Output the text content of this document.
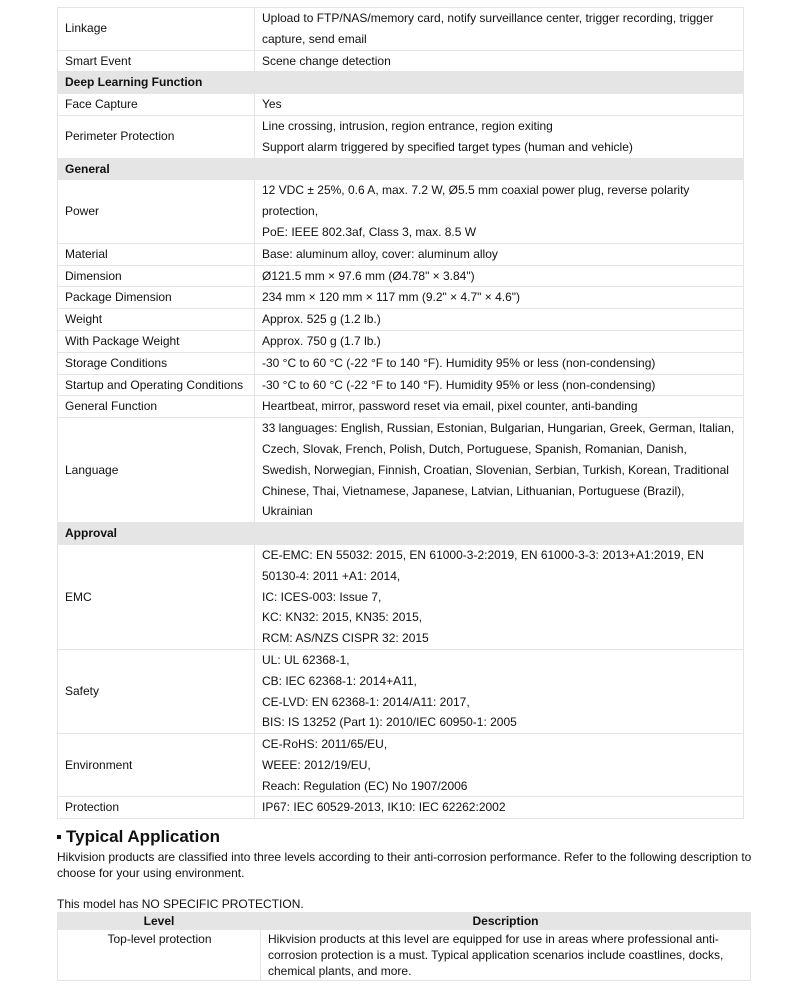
Linkage	Upload to FTP/NAS/memory card, notify surveillance center, trigger recording, trigger capture, send email

Smart Event	Scene change detection

Deep Learning Function	
Face Capture	Yes

Perimeter Protection	Line crossing, intrusion, region entrance, region exiting
Support alarm triggered by specified target types (human and vehicle)

General	
Power	12 VDC ± 25%, 0.6 A, max. 7.2 W, Ø5.5 mm coaxial power plug, reverse polarity protection,
PoE: IEEE 802.3af, Class 3, max. 8.5 W

Material	Base: aluminum alloy, cover: aluminum alloy

Dimension	Ø121.5 mm × 97.6 mm (Ø4.78" × 3.84")

Package Dimension	234 mm × 120 mm × 117 mm (9.2" × 4.7" × 4.6")

Weight	Approx. 525 g (1.2 lb.)

With Package Weight	Approx. 750 g (1.7 lb.)

Storage Conditions	-30 °C to 60 °C (-22 °F to 140 °F). Humidity 95% or less (non-condensing)

Startup and Operating Conditions	-30 °C to 60 °C (-22 °F to 140 °F). Humidity 95% or less (non-condensing)

General Function	Heartbeat, mirror, password reset via email, pixel counter, anti-banding

Language	33 languages: English, Russian, Estonian, Bulgarian, Hungarian, Greek, German, Italian, Czech, Slovak, French, Polish, Dutch, Portuguese, Spanish, Romanian, Danish, Swedish, Norwegian, Finnish, Croatian, Slovenian, Serbian, Turkish, Korean, Traditional Chinese, Thai, Vietnamese, Japanese, Latvian, Lithuanian, Portuguese (Brazil), Ukrainian

Approval	
EMC	CE-EMC: EN 55032: 2015, EN 61000-3-2:2019, EN 61000-3-3: 2013+A1:2019, EN 50130-4: 2011 +A1: 2014,
IC: ICES-003: Issue 7,
KC: KN32: 2015, KN35: 2015,
RCM: AS/NZS CISPR 32: 2015

Safety	UL: UL 62368-1,
CB: IEC 62368-1: 2014+A11,
CE-LVD: EN 62368-1: 2014/A11: 2017,
BIS: IS 13252 (Part 1): 2010/IEC 60950-1: 2005

Environment	CE-RoHS: 2011/65/EU,
WEEE: 2012/19/EU,
Reach: Regulation (EC) No 1907/2006

Protection	IP67: IEC 60529-2013, IK10: IEC 62262:2002
Typical Application

Hikvision products are classified into three levels according to their anti-corrosion performance. Refer to the following description to choose for your using environment.

This model has NO SPECIFIC PROTECTION.

Level	Description
Top-level protection	Hikvision products at this level are equipped for use in areas where professional anti-corrosion protection is a must. Typical application scenarios include coastlines, docks, chemical plants, and more.
